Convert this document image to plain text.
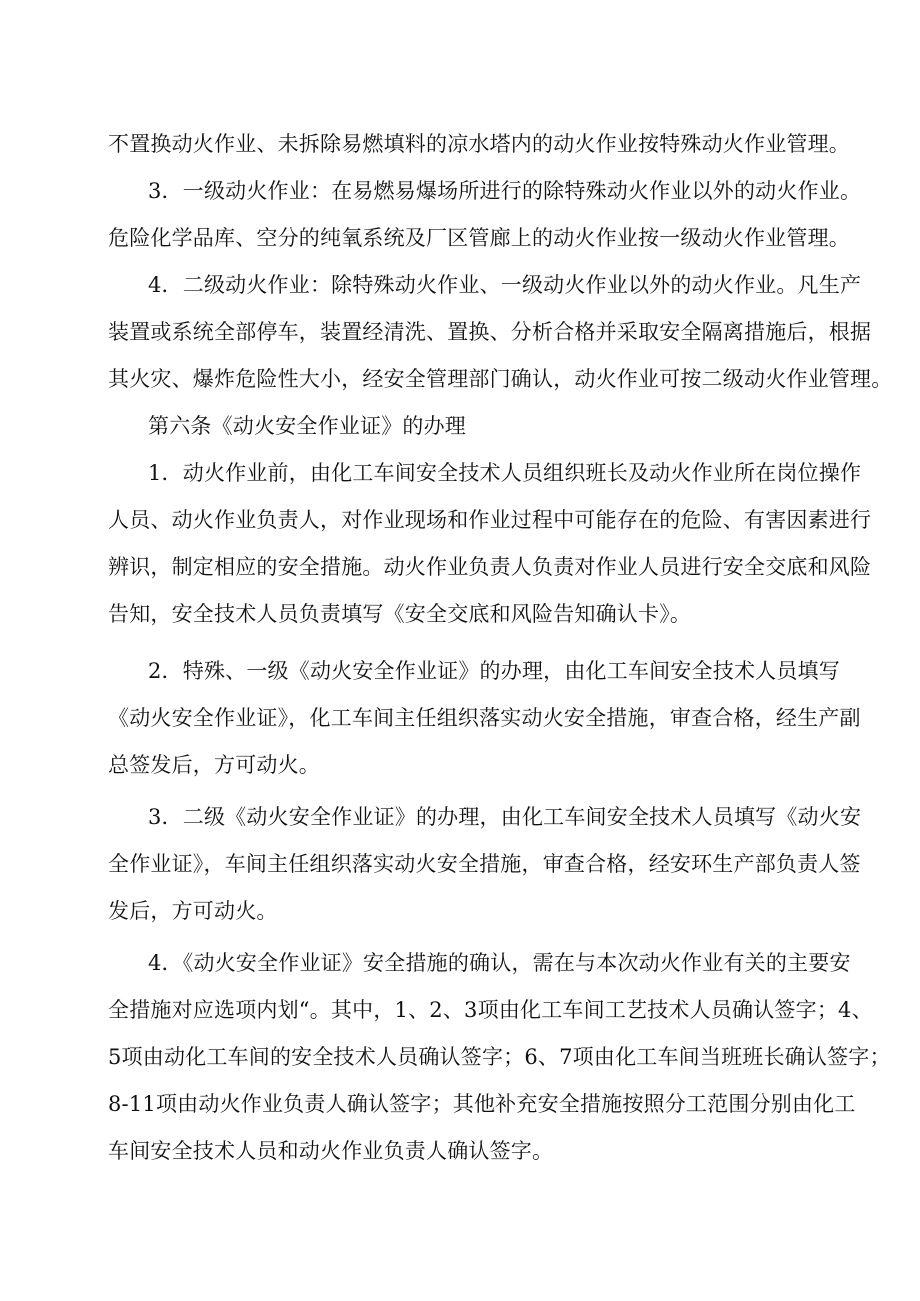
不置换动火作业、未拆除易燃填料的凉水塔内的动火作业按特殊动火作业管理。
3．一级动火作业：在易燃易爆场所进行的除特殊动火作业以外的动火作业。
危险化学品库、空分的纯氧系统及厂区管廊上的动火作业按一级动火作业管理。
4．二级动火作业：除特殊动火作业、一级动火作业以外的动火作业。凡生产
装置或系统全部停车，装置经清洗、置换、分析合格并采取安全隔离措施后，根据
其火灾、爆炸危险性大小，经安全管理部门确认，动火作业可按二级动火作业管理。
第六条《动火安全作业证》的办理
1．动火作业前，由化工车间安全技术人员组织班长及动火作业所在岗位操作
人员、动火作业负责人，对作业现场和作业过程中可能存在的危险、有害因素进行
辨识，制定相应的安全措施。动火作业负责人负责对作业人员进行安全交底和风险
告知，安全技术人员负责填写《安全交底和风险告知确认卡》。
2．特殊、一级《动火安全作业证》的办理，由化工车间安全技术人员填写
《动火安全作业证》，化工车间主任组织落实动火安全措施，审查合格，经生产副
总签发后，方可动火。
3．二级《动火安全作业证》的办理，由化工车间安全技术人员填写《动火安
全作业证》，车间主任组织落实动火安全措施，审查合格，经安环生产部负责人签
发后，方可动火。
4．《动火安全作业证》安全措施的确认，需在与本次动火作业有关的主要安
全措施对应选项内划“。其中，1、2、3项由化工车间工艺技术人员确认签字；4、
5项由动化工车间的安全技术人员确认签字；6、7项由化工车间当班班长确认签字；
8-11项由动火作业负责人确认签字；其他补充安全措施按照分工范围分别由化工
车间安全技术人员和动火作业负责人确认签字。
